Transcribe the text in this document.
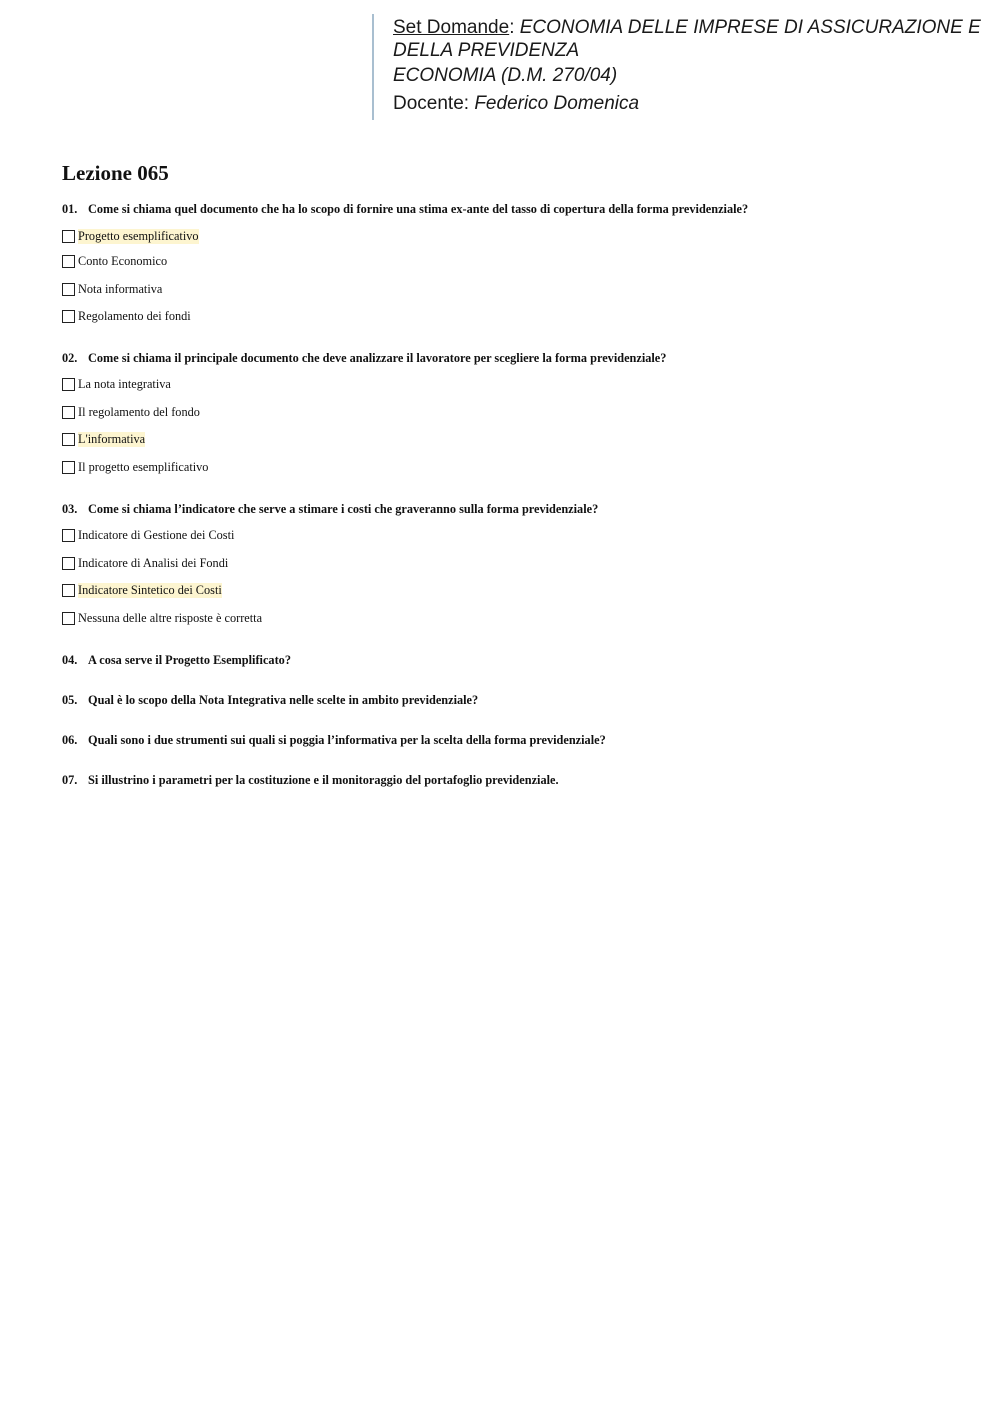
Set Domande: ECONOMIA DELLE IMPRESE DI ASSICURAZIONE E DELLA PREVIDENZA
ECONOMIA (D.M. 270/04)
Docente: Federico Domenica
Lezione 065
01. Come si chiama quel documento che ha lo scopo di fornire una stima ex-ante del tasso di copertura della forma previdenziale?
Progetto esemplificativo
Conto Economico
Nota informativa
Regolamento dei fondi
02. Come si chiama il principale documento che deve analizzare il lavoratore per scegliere la forma previdenziale?
La nota integrativa
Il regolamento del fondo
L'informativa
Il progetto esemplificativo
03. Come si chiama l’indicatore che serve a stimare i costi che graveranno sulla forma previdenziale?
Indicatore di Gestione dei Costi
Indicatore di Analisi dei Fondi
Indicatore Sintetico dei Costi
Nessuna delle altre risposte è corretta
04. A cosa serve il Progetto Esemplificato?
05. Qual è lo scopo della Nota Integrativa nelle scelte in ambito previdenziale?
06. Quali sono i due strumenti sui quali si poggia l’informativa per la scelta della forma previdenziale?
07. Si illustrino i parametri per la costituzione e il monitoraggio del portafoglio previdenziale.
